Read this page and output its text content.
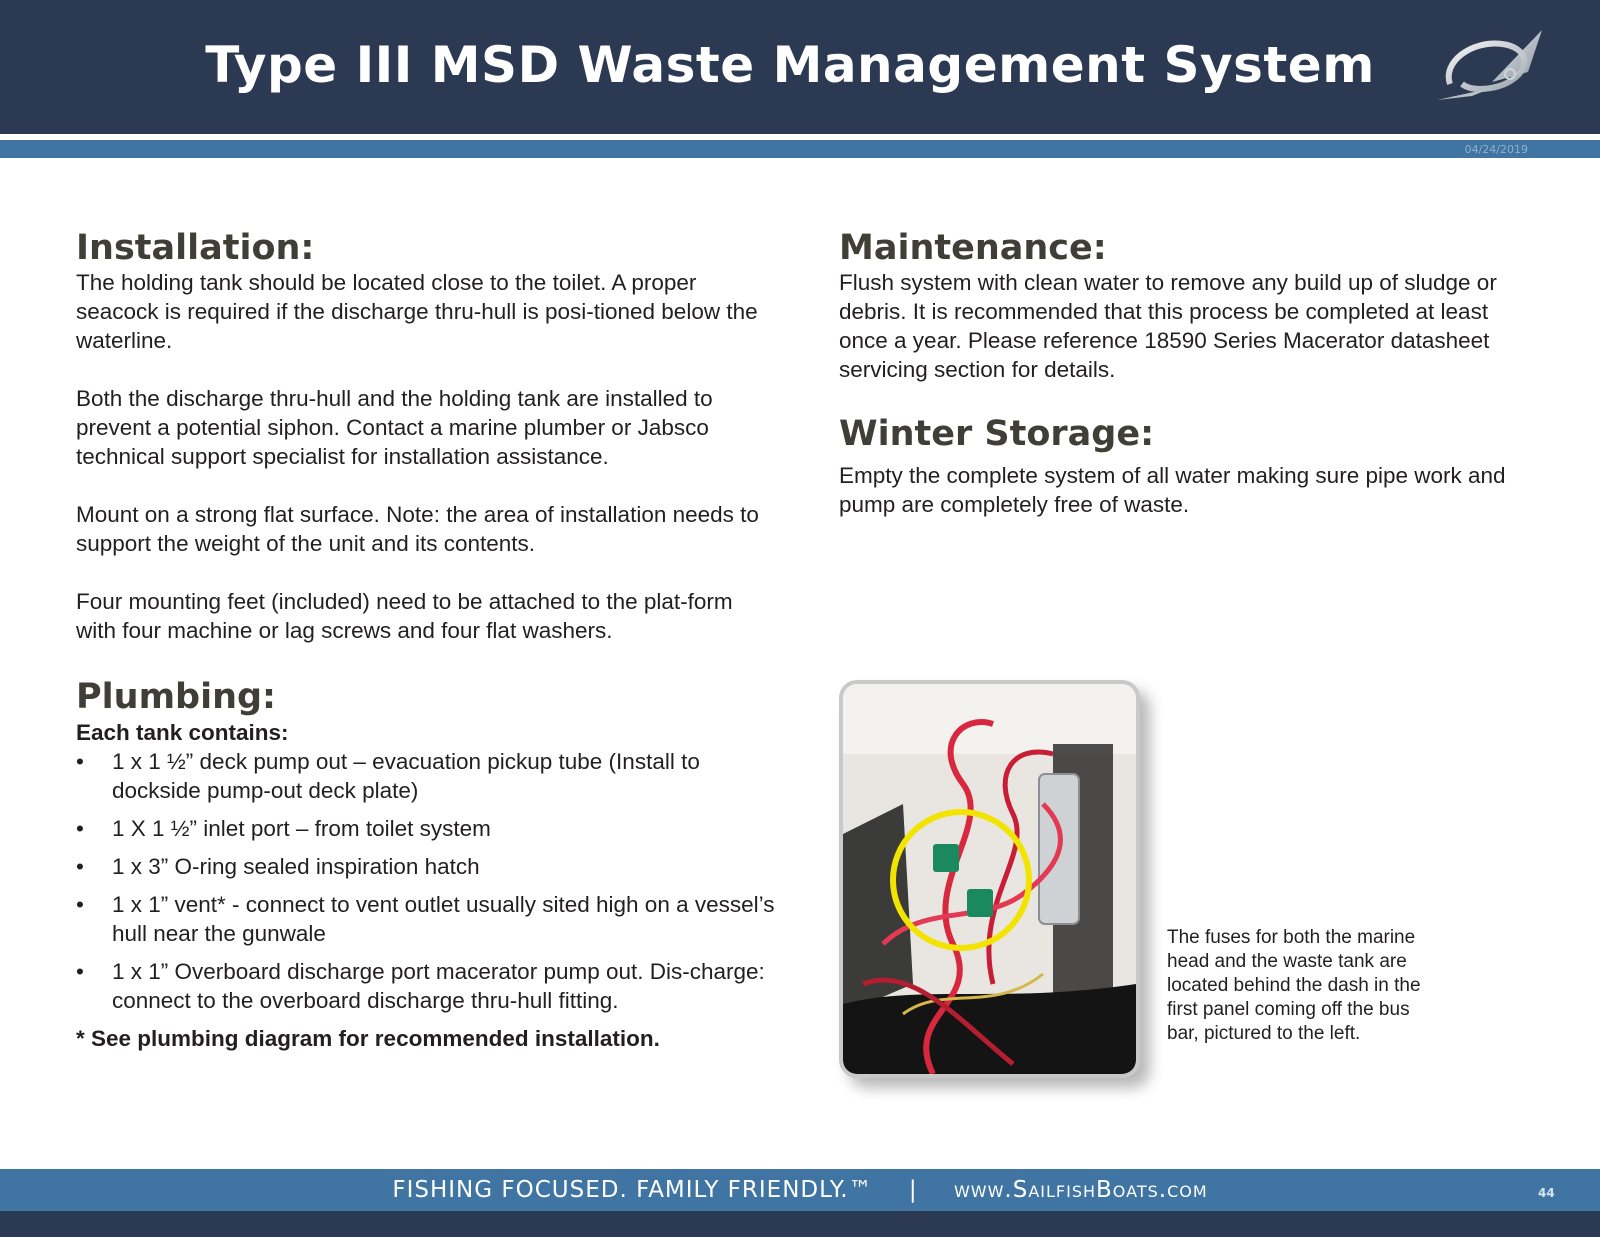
Type III MSD Waste Management System
04/24/2019
Installation:

The holding tank should be located close to the toilet. A proper seacock is required if the discharge thru-hull is posi-tioned below the waterline.

Both the discharge thru-hull and the holding tank are installed to prevent a potential siphon. Contact a marine plumber or Jabsco technical support specialist for installation assistance.

Mount on a strong flat surface. Note: the area of installation needs to support the weight of the unit and its contents.

Four mounting feet (included) need to be attached to the plat-form with four machine or lag screws and four flat washers.

Plumbing:

Each tank contains:

• 1 x 1 ½” deck pump out – evacuation pickup tube (Install to dockside pump-out deck plate)
• 1 X 1 ½” inlet port – from toilet system
• 1 x 3” O-ring sealed inspiration hatch
• 1 x 1” vent* - connect to vent outlet usually sited high on a vessel’s hull near the gunwale
• 1 x 1” Overboard discharge port macerator pump out. Dis-charge: connect to the overboard discharge thru-hull fitting.

* See plumbing diagram for recommended installation.

Maintenance:

Flush system with clean water to remove any build up of sludge or debris. It is recommended that this process be completed at least once a year. Please reference 18590 Series Macerator datasheet servicing section for details.

Winter Storage:

Empty the complete system of all water making sure pipe work and pump are completely free of waste.

The fuses for both the marine head and the waste tank are located behind the dash in the first panel coming off the bus bar, pictured to the left.
FISHING FOCUSED. FAMILY FRIENDLY.™ | www.SailfishBoats.com	44
